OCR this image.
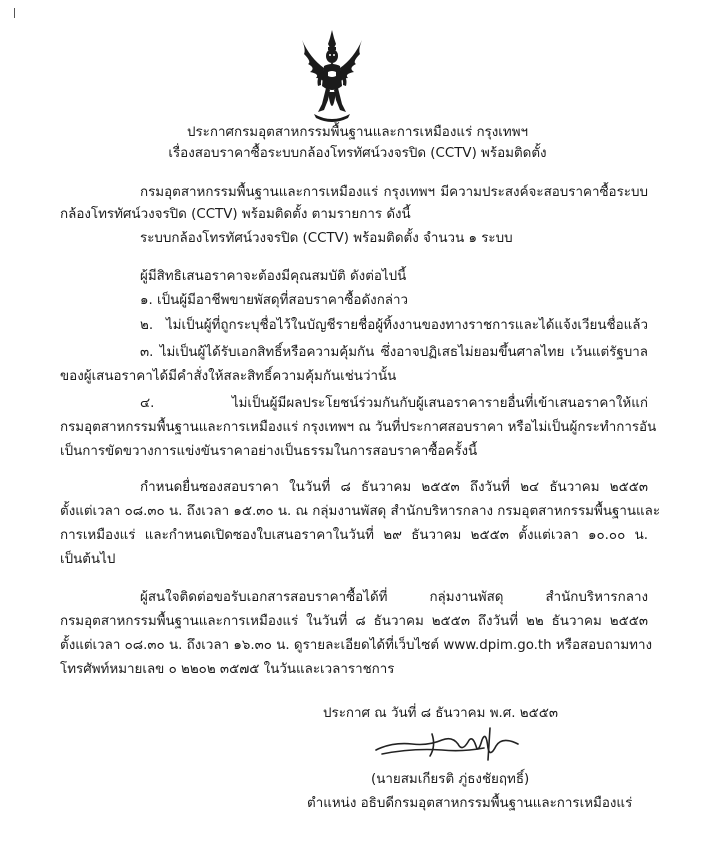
ประกาศกรมอุตสาหกรรมพื้นฐานและการเหมืองแร่ กรุงเทพฯ
เรื่องสอบราคาซื้อระบบกล้องโทรทัศน์วงจรปิด (CCTV) พร้อมติดตั้ง
กรมอุตสาหกรรมพื้นฐานและการเหมืองแร่ กรุงเทพฯ มีความประสงค์จะสอบราคาซื้อระบบ
กล้องโทรทัศน์วงจรปิด (CCTV) พร้อมติดตั้ง ตามรายการ ดังนี้
ระบบกล้องโทรทัศน์วงจรปิด (CCTV) พร้อมติดตั้ง จำนวน ๑ ระบบ
ผู้มีสิทธิเสนอราคาจะต้องมีคุณสมบัติ ดังต่อไปนี้
๑. เป็นผู้มีอาชีพขายพัสดุที่สอบราคาซื้อดังกล่าว
๒. ไม่เป็นผู้ที่ถูกระบุชื่อไว้ในบัญชีรายชื่อผู้ทิ้งงานของทางราชการและได้แจ้งเวียนชื่อแล้ว
๓. ไม่เป็นผู้ได้รับเอกสิทธิ์หรือความคุ้มกัน ซึ่งอาจปฏิเสธไม่ยอมขึ้นศาลไทย เว้นแต่รัฐบาล
ของผู้เสนอราคาได้มีคำสั่งให้สละสิทธิ์ความคุ้มกันเช่นว่านั้น
๔. ไม่เป็นผู้มีผลประโยชน์ร่วมกันกับผู้เสนอราคารายอื่นที่เข้าเสนอราคาให้แก่
กรมอุตสาหกรรมพื้นฐานและการเหมืองแร่ กรุงเทพฯ ณ วันที่ประกาศสอบราคา หรือไม่เป็นผู้กระทำการอัน
เป็นการขัดขวางการแข่งขันราคาอย่างเป็นธรรมในการสอบราคาซื้อครั้งนี้
กำหนดยื่นซองสอบราคา ในวันที่ ๘ ธันวาคม ๒๕๕๓ ถึงวันที่ ๒๔ ธันวาคม ๒๕๕๓
ตั้งแต่เวลา ๐๘.๓๐ น. ถึงเวลา ๑๕.๓๐ น. ณ กลุ่มงานพัสดุ สำนักบริหารกลาง กรมอุตสาหกรรมพื้นฐานและ
การเหมืองแร่ และกำหนดเปิดซองใบเสนอราคาในวันที่ ๒๙ ธันวาคม ๒๕๕๓ ตั้งแต่เวลา ๑๐.๐๐ น.
เป็นต้นไป
ผู้สนใจติดต่อขอรับเอกสารสอบราคาซื้อได้ที่ กลุ่มงานพัสดุ สำนักบริหารกลาง
กรมอุตสาหกรรมพื้นฐานและการเหมืองแร่ ในวันที่ ๘ ธันวาคม ๒๕๕๓ ถึงวันที่ ๒๒ ธันวาคม ๒๕๕๓
ตั้งแต่เวลา ๐๘.๓๐ น. ถึงเวลา ๑๖.๓๐ น. ดูรายละเอียดได้ที่เว็บไซต์ www.dpim.go.th หรือสอบถามทาง
โทรศัพท์หมายเลข ๐ ๒๒๐๒ ๓๕๗๕ ในวันและเวลาราชการ
ประกาศ ณ วันที่ ๘ ธันวาคม พ.ศ. ๒๕๕๓
(นายสมเกียรติ ภู่ธงชัยฤทธิ์)
ตำแหน่ง อธิบดีกรมอุตสาหกรรมพื้นฐานและการเหมืองแร่
